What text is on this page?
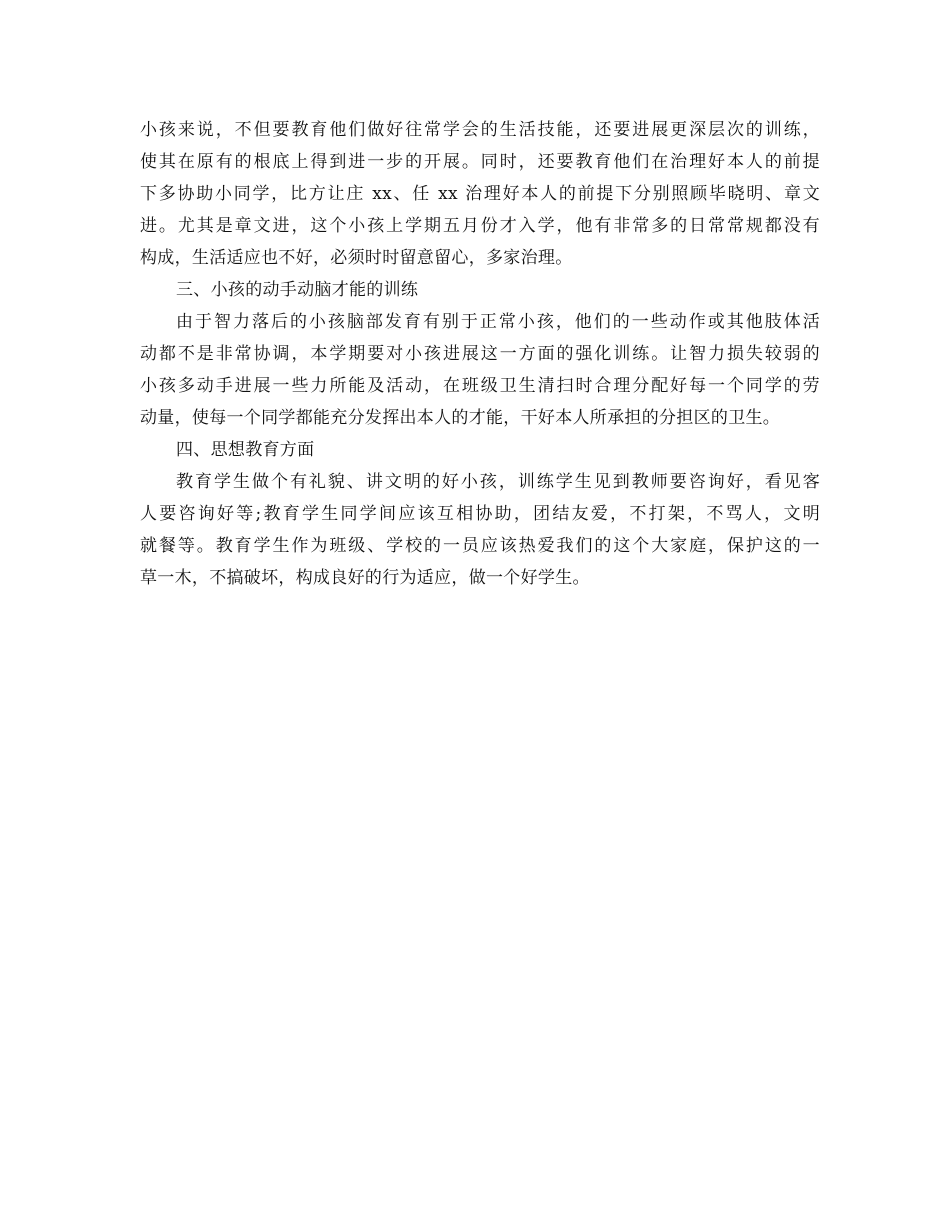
小孩来说，不但要教育他们做好往常学会的生活技能，还要进展更深层次的训练，
使其在原有的根底上得到进一步的开展。同时，还要教育他们在治理好本人的前提
下多协助小同学，比方让庄 xx、任 xx 治理好本人的前提下分别照顾毕晓明、章文
进。尤其是章文进，这个小孩上学期五月份才入学，他有非常多的日常常规都没有
构成，生活适应也不好，必须时时留意留心，多家治理。
三、小孩的动手动脑才能的训练
由于智力落后的小孩脑部发育有别于正常小孩，他们的一些动作或其他肢体活
动都不是非常协调，本学期要对小孩进展这一方面的强化训练。让智力损失较弱的
小孩多动手进展一些力所能及活动，在班级卫生清扫时合理分配好每一个同学的劳
动量，使每一个同学都能充分发挥出本人的才能，干好本人所承担的分担区的卫生。
四、思想教育方面
教育学生做个有礼貌、讲文明的好小孩，训练学生见到教师要咨询好，看见客
人要咨询好等;教育学生同学间应该互相协助，团结友爱，不打架，不骂人，文明
就餐等。教育学生作为班级、学校的一员应该热爱我们的这个大家庭，保护这的一
草一木，不搞破坏，构成良好的行为适应，做一个好学生。
